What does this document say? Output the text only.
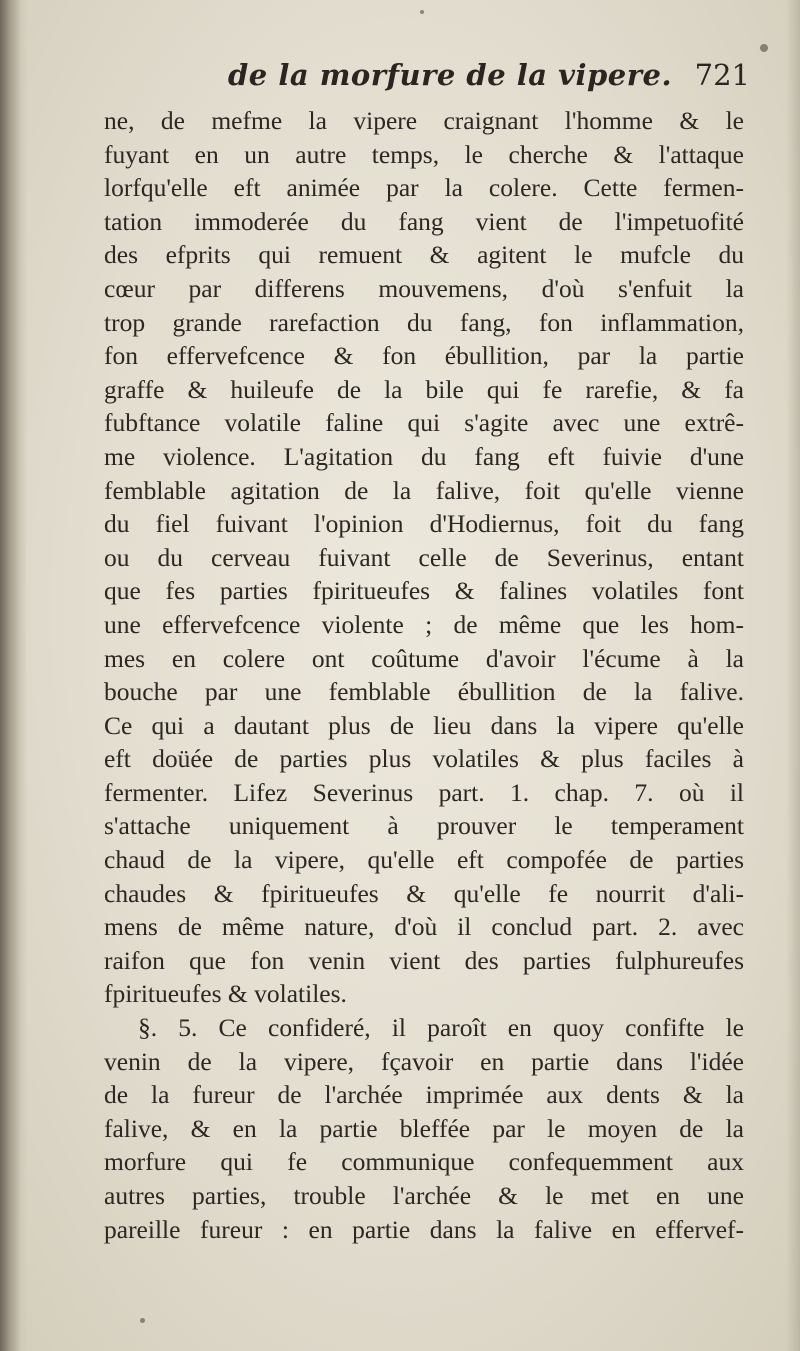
de la morfure de la vipere. 721
ne, de mefme la vipere craignant l'homme & le
fuyant en un autre temps, le cherche & l'attaque
lorfqu'elle eft animée par la colere. Cette fermen-
tation immoderée du fang vient de l'impetuofité
des efprits qui remuent & agitent le mufcle du
cœur par differens mouvemens, d'où s'enfuit la
trop grande rarefaction du fang, fon inflammation,
fon effervefcence & fon ébullition, par la partie
graffe & huileufe de la bile qui fe rarefie, & fa
fubftance volatile faline qui s'agite avec une extrê-
me violence. L'agitation du fang eft fuivie d'une
femblable agitation de la falive, foit qu'elle vienne
du fiel fuivant l'opinion d'Hodiernus, foit du fang
ou du cerveau fuivant celle de Severinus, entant
que fes parties fpiritueufes & falines volatiles font
une effervefcence violente ; de même que les hom-
mes en colere ont coûtume d'avoir l'écume à la
bouche par une femblable ébullition de la falive.
Ce qui a dautant plus de lieu dans la vipere qu'elle
eft doüée de parties plus volatiles & plus faciles à
fermenter. Lifez Severinus part. 1. chap. 7. où il
s'attache uniquement à prouver le temperament
chaud de la vipere, qu'elle eft compofée de parties
chaudes & fpiritueufes & qu'elle fe nourrit d'ali-
mens de même nature, d'où il conclud part. 2. avec
raifon que fon venin vient des parties fulphureufes
fpiritueufes & volatiles.
§. 5. Ce confideré, il paroît en quoy confifte le
venin de la vipere, fçavoir en partie dans l'idée
de la fureur de l'archée imprimée aux dents & la
falive, & en la partie bleffée par le moyen de la
morfure qui fe communique confequemment aux
autres parties, trouble l'archée & le met en une
pareille fureur : en partie dans la falive en effervef-
